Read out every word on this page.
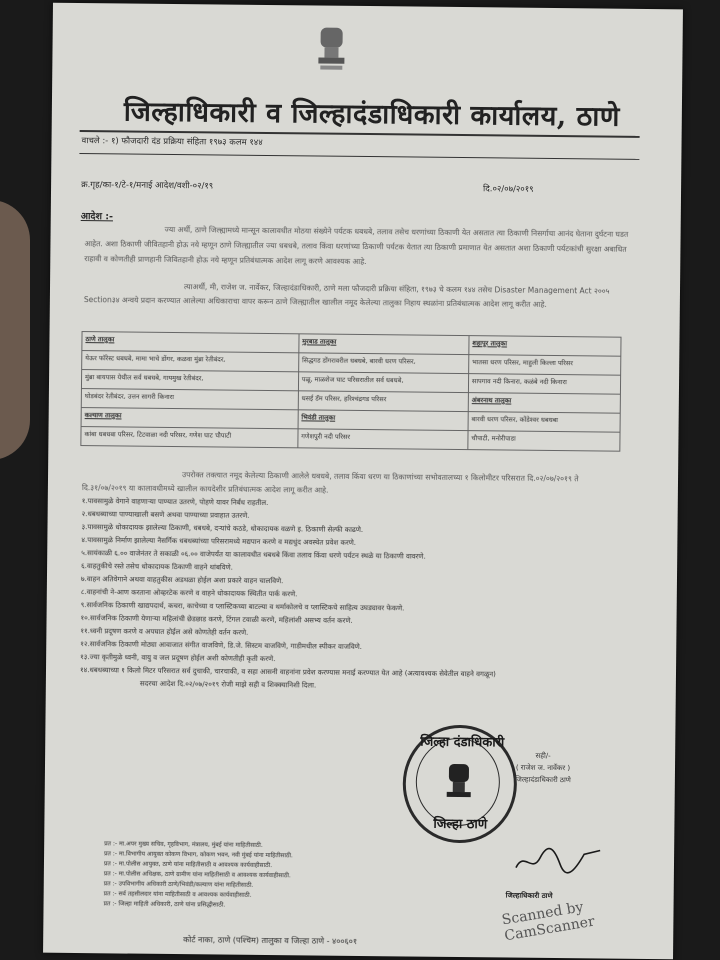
जिल्हाधिकारी व जिल्हादंडाधिकारी कार्यालय, ठाणे
वाचले :- १) फौजदारी दंड प्रक्रिया संहिता १९७३ कलम १४४
क्र.गृह/का-१/टे-१/मनाई आदेश/वशी-०२/१९	दि.०२/०७/२०१९
आदेश :-
ज्या अर्थी, ठाणे जिल्ह्यामध्ये मान्सून कालावधीत मोठया संख्येने पर्यटक धबधबे, तलाव तसेच धरणांच्या ठिकाणी येत असतात त्या ठिकाणी निसर्गाचा आनंद घेताना दुर्घटना घडत आहेत. अशा ठिकाणी जीवितहानी होऊ नये म्हणून ठाणे जिल्ह्यातील ज्या धबधबे, तलाव किंवा धरणांच्या ठिकाणी पर्यटक येतात त्या ठिकाणी प्रमाणात येत असतात अशा ठिकाणी पर्यटकांची सुरक्षा अबाधित राहावी व कोणतीही प्राणहानी जिवितहानी होऊ नये म्हणून प्रतिबंधात्मक आदेश लागू करणे आवश्यक आहे.
त्याअर्थी, मी, राजेश ज. नार्वेकर, जिल्हादंडाधिकारी, ठाणे मला फौजदारी प्रक्रिया संहिता, १९७३ चे कलम १४४ तसेच Disaster Management Act २००५ Section३४ अन्वये प्रदान करण्यात आलेल्या अधिकाराचा वापर करून ठाणे जिल्ह्यातील खालील नमूद केलेल्या तालुका निहाय स्थळांना प्रतिबंधात्मक आदेश लागू करीत आहे.
ठाणे तालुका	मुरबाड तालुका	शहापूर तालुका
येऊर फॉरेस्ट धबधबे, मामा भाचे डोंगर, कळवा मुंब्रा रेतीबंदर,	सिद्धगड डोंगरावरील धबधबे, बारवी धरण परिसर,	भातसा धरण परिसर, माहुली किल्ला परिसर
मुंब्रा बायपास येथील सर्व धबधबे, गायमुख रेतीबंदर,	पळू, माळशेज घाट परिसरातील सर्व धबधबे,	सापगाव नदी किनारा, कळंबे नदी किनारा
घोडबंदर रेतीबंदर, उत्तन सागरी किनारा	धसई डॅम परिसर, हरिश्चंद्रगड परिसर	अंबरनाथ तालुका
कल्याण तालुका	भिवंडी तालुका	बारवी धरण परिसर, कोंडेश्वर धबधबा
कांबा धबधबा परिसर, टिटवाळा नदी परिसर, गणेश घाट चौपाटी	गणेशपुरी नदी परिसर	चौपाटी, मनोरीपाडा
उपरोक्त तक्त्यात नमूद केलेल्या ठिकाणी आलेले धबधबे, तलाव किंवा धरण या ठिकाणांच्या सभोवतालच्या १ किलोमीटर परिसरात दि.०२/०७/२०१९ ते दि.३१/०७/२०१९ या कालावधीमध्ये खालील कायदेशीर प्रतिबंधात्मक आदेश लागू करीत आहे.
१.पावसामुळे वेगाने वाहणाऱ्या पाण्यात उतरणे, पोहणे यावर निर्बंध राहतील.
२.धबधब्याच्या पाण्याखाली बसणे अथवा पाण्याच्या प्रवाहात उतरणे.
३.पावसामुळे धोकादायक झालेल्या ठिकाणी, धबधबे, दऱ्यांचे कठडे, धोकादायक वळणे इ. ठिकाणी सेल्फी काढणे.
४.पावसामुळे निर्माण झालेल्या नैसर्गिक धबधब्यांच्या परिसरामध्ये मद्यपान करणे व मद्यधुंद अवस्थेत प्रवेश करणे.
५.सायंकाळी ६.०० वाजेनंतर ते सकाळी ०६.०० वाजेपर्यंत या कालावधीत धबधबे किंवा तलाव किंवा धरणे पर्यटन स्थळे या ठिकाणी वावरणे.
६.वाहतुकीचे रस्ते तसेच धोकादायक ठिकाणी वाहने थांबविणे.
७.वाहन अतिवेगाने अथवा वाहतुकीस अडथळा होईल अशा प्रकारे वाहन चालविणे.
८.वाहनांची ने-आण करताना ओव्हरटेक करणे व वाहने धोकादायक स्थितीत पार्क करणे.
९.सार्वजनिक ठिकाणी खाद्यपदार्थ, कचरा, काचेच्या व प्लास्टिकच्या बाटल्या व थर्माकोलचे व प्लास्टिकचे साहित्य उघड्यावर फेकणे.
१०.सार्वजनिक ठिकाणी येणाऱ्या महिलांची छेडछाड करणे, टिंगल टवाळी करणे, महिलांशी असभ्य वर्तन करणे.
११.ध्वनी प्रदूषण करणे व अपघात होईल असे कोणतेही वर्तन करणे.
१२.सार्वजनिक ठिकाणी मोठ्या आवाजात संगीत वाजविणे, डि.जे. सिस्टम वाजविणे, गाडीमधील स्पीकर वाजविणे.
१३.ज्या कृतीमुळे ध्वनी, वायु व जल प्रदूषण होईल अशी कोणतीही कृती करणे.
१४.धबधब्याच्या १ किलो मिटर परिसरात सर्व दुचाकी, चारचाकी, व सहा आसनी वाहनांना प्रवेश करण्यास मनाई करण्यात येत आहे (अत्यावश्यक सेवेतील वाहने वगळून)
सदरचा आदेश दि.०२/०७/२०१९ रोजी माझे सही व शिक्क्यानिशी दिला.
जिल्हा दंडाधिकारी
जिल्हा ठाणे
सही/-
( राजेश ज. नार्वेकर )
जिल्हादंडाधिकारी ठाणे
प्रत :- मा.अपर मुख्य सचिव, गृहविभाग, मंत्रालय, मुंबई यांना माहितीसाठी.
प्रत :- मा.विभागीय आयुक्त कोकण विभाग, कोकण भवन, नवी मुंबई यांना माहितीसाठी.
प्रत :- मा.पोलीस आयुक्त, ठाणे यांना माहितीसाठी व आवश्यक कार्यवाहीसाठी.
प्रत :- मा.पोलीस अधिक्षक, ठाणे ग्रामीण यांना माहितीसाठी व आवश्यक कार्यवाहीसाठी.
प्रत :- उपविभागीय अधिकारी ठाणे/भिवंडी/कल्याण यांना माहितीसाठी.
प्रत :- सर्व तहसीलदार यांना माहितीसाठी व आवश्यक कार्यवाहीसाठी.
प्रत :- जिल्हा माहिती अधिकारी, ठाणे यांना प्रसिद्धीसाठी.
जिल्हाधिकारी ठाणे
कोर्ट नाका, ठाणे (पश्चिम) तालुका व जिल्हा ठाणे - ४००६०१
Scanned by CamScanner
